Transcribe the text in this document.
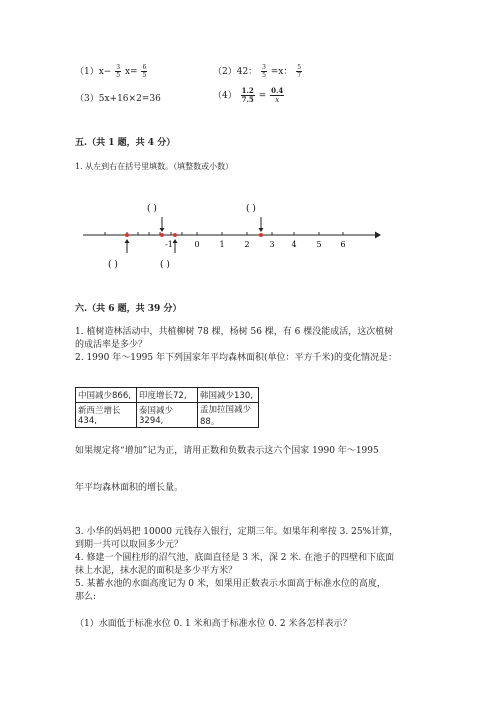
$(1)x- \frac{3}{5} x= \frac{6}{5}$	（2）42： $\frac{3}{5} =x$： $\frac{5}{7}$
（3）5x+16×2=36	$(4) \frac{1.2}{7.5} = \frac{0.4}{x}$
五.（共 1 题，共 4 分）
1. 从左到右在括号里填数。（填整数或小数）
-1	0 1 2 3 4 5 6
( )	( )
( )	( )
六.（共 6 题，共 39 分）
1. 植树造林活动中，共植柳树 78 棵，杨树 56 棵，有 6 棵没能成活，这次植树
的成活率是多少？
2. 1990 年～1995 年下列国家年平均森林面积(单位：平方千米)的变化情况是：
中国减少866,	印度增长72,	韩国减少130,
新西兰增长434,	泰国减少3294,	孟加拉国减少88。
如果规定将“增加”记为正，请用正数和负数表示这六个国家 1990 年～1995
年平均森林面积的增长量。
3. 小华的妈妈把 10000 元钱存入银行，定期三年。如果年利率按 3. 25%计算，
到期一共可以取回多少元？
4. 修建一个圆柱形的沼气池，底面直径是 3 米，深 2 米. 在池子的四壁和下底面
抹上水泥，抹水泥的面积是多少平方米？
5. 某蓄水池的水面高度记为 0 米，如果用正数表示水面高于标准水位的高度，
那么:
（1）水面低于标准水位 0. 1 米和高于标准水位 0. 2 米各怎样表示？
